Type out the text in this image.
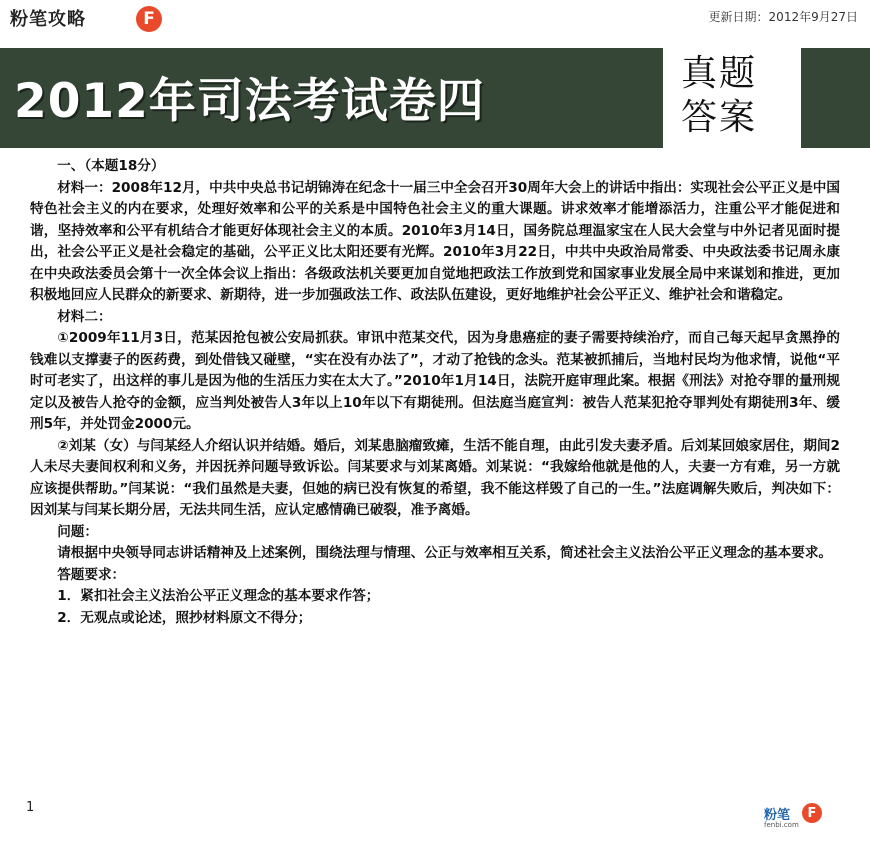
粉笔攻略	F	更新日期：2012年9月27日
2012年司法考试卷四
真题
答案

一、（本题18分）

材料一：2008年12月，中共中央总书记胡锦涛在纪念十一届三中全会召开30周年大会上的讲话中指出：实现社会公平正义是中国特色社会主义的内在要求，处理好效率和公平的关系是中国特色社会主义的重大课题。讲求效率才能增添活力，注重公平才能促进和谐，坚持效率和公平有机结合才能更好体现社会主义的本质。2010年3月14日，国务院总理温家宝在人民大会堂与中外记者见面时提出，社会公平正义是社会稳定的基础，公平正义比太阳还要有光辉。2010年3月22日，中共中央政治局常委、中央政法委书记周永康在中央政法委员会第十一次全体会议上指出：各级政法机关要更加自觉地把政法工作放到党和国家事业发展全局中来谋划和推进，更加积极地回应人民群众的新要求、新期待，进一步加强政法工作、政法队伍建设，更好地维护社会公平正义、维护社会和谐稳定。

材料二：

①2009年11月3日，范某因抢包被公安局抓获。审讯中范某交代，因为身患癌症的妻子需要持续治疗，而自己每天起早贪黑挣的钱难以支撑妻子的医药费，到处借钱又碰壁，“实在没有办法了”，才动了抢钱的念头。范某被抓捕后，当地村民均为他求情，说他“平时可老实了，出这样的事儿是因为他的生活压力实在太大了。”2010年1月14日，法院开庭审理此案。根据《刑法》对抢夺罪的量刑规定以及被告人抢夺的金额，应当判处被告人3年以上10年以下有期徒刑。但法庭当庭宣判：被告人范某犯抢夺罪判处有期徒刑3年、缓刑5年，并处罚金2000元。

②刘某（女）与闫某经人介绍认识并结婚。婚后，刘某患脑瘤致瘫，生活不能自理，由此引发夫妻矛盾。后刘某回娘家居住，期间2人未尽夫妻间权利和义务，并因抚养问题导致诉讼。闫某要求与刘某离婚。刘某说：“我嫁给他就是他的人，夫妻一方有难，另一方就应该提供帮助。”闫某说：“我们虽然是夫妻，但她的病已没有恢复的希望，我不能这样毁了自己的一生。”法庭调解失败后，判决如下：因刘某与闫某长期分居，无法共同生活，应认定感情确已破裂，准予离婚。

问题：

请根据中央领导同志讲话精神及上述案例，围绕法理与情理、公正与效率相互关系，简述社会主义法治公平正义理念的基本要求。

答题要求：

1．紧扣社会主义法治公平正义理念的基本要求作答；

2．无观点或论述，照抄材料原文不得分；

1
粉笔
fenbi.com
F
